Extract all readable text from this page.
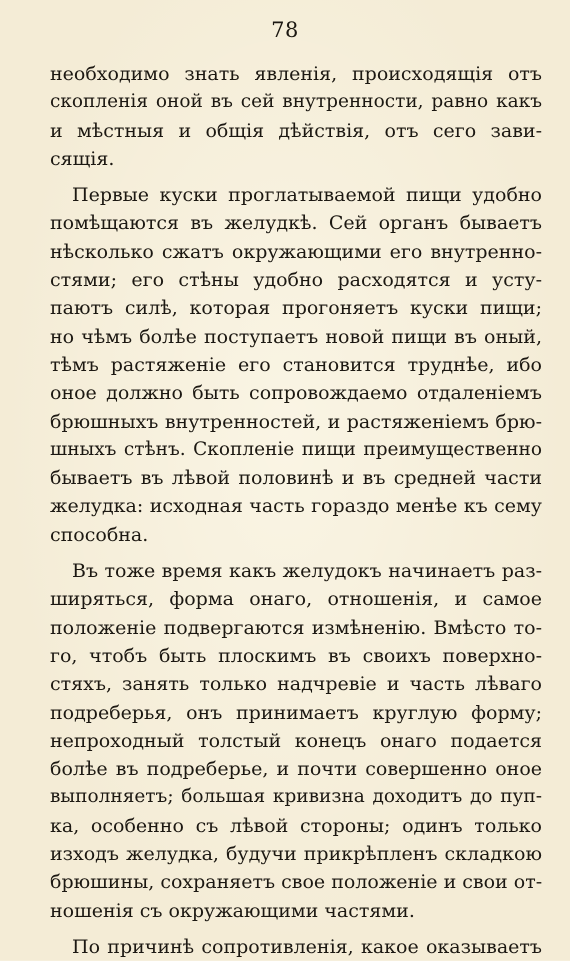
78
необходимо знать явленія, происходящія отъ
скопленія оной въ сей внутренности, равно какъ
и мѣстныя и общія дѣйствія, отъ сего зави-
сящія.
Первые куски проглатываемой пищи удобно
помѣщаются въ желудкѣ. Сей органъ бываетъ
нѣсколько сжатъ окружающими его внутренно-
стями; его стѣны удобно расходятся и усту-
паютъ силѣ, которая прогоняетъ куски пищи;
но чѣмъ болѣе поступаетъ новой пищи въ оный,
тѣмъ растяженіе его становится труднѣе, ибо
оное должно быть сопровождаемо отдаленіемъ
брюшныхъ внутренностей, и растяженіемъ брю-
шныхъ стѣнъ. Скопленіе пищи преимущественно
бываетъ въ лѣвой половинѣ и въ средней части
желудка: исходная часть гораздо менѣе къ сему
способна.
Въ тоже время какъ желудокъ начинаетъ раз-
ширяться, форма онаго, отношенія, и самое
положеніе подвергаются измѣненію. Вмѣсто то-
го, чтобъ быть плоскимъ въ своихъ поверхно-
стяхъ, занять только надчревіе и часть лѣваго
подреберья, онъ принимаетъ круглую форму;
непроходный толстый конецъ онаго подается
болѣе въ подреберье, и почти совершенно оное
выполняетъ; большая кривизна доходитъ до пуп-
ка, особенно съ лѣвой стороны; одинъ только
изходъ желудка, будучи прикрѣпленъ складкою
брюшины, сохраняетъ свое положеніе и свои от-
ношенія съ окружающими частями.
По причинѣ сопротивленія, какое оказываетъ
